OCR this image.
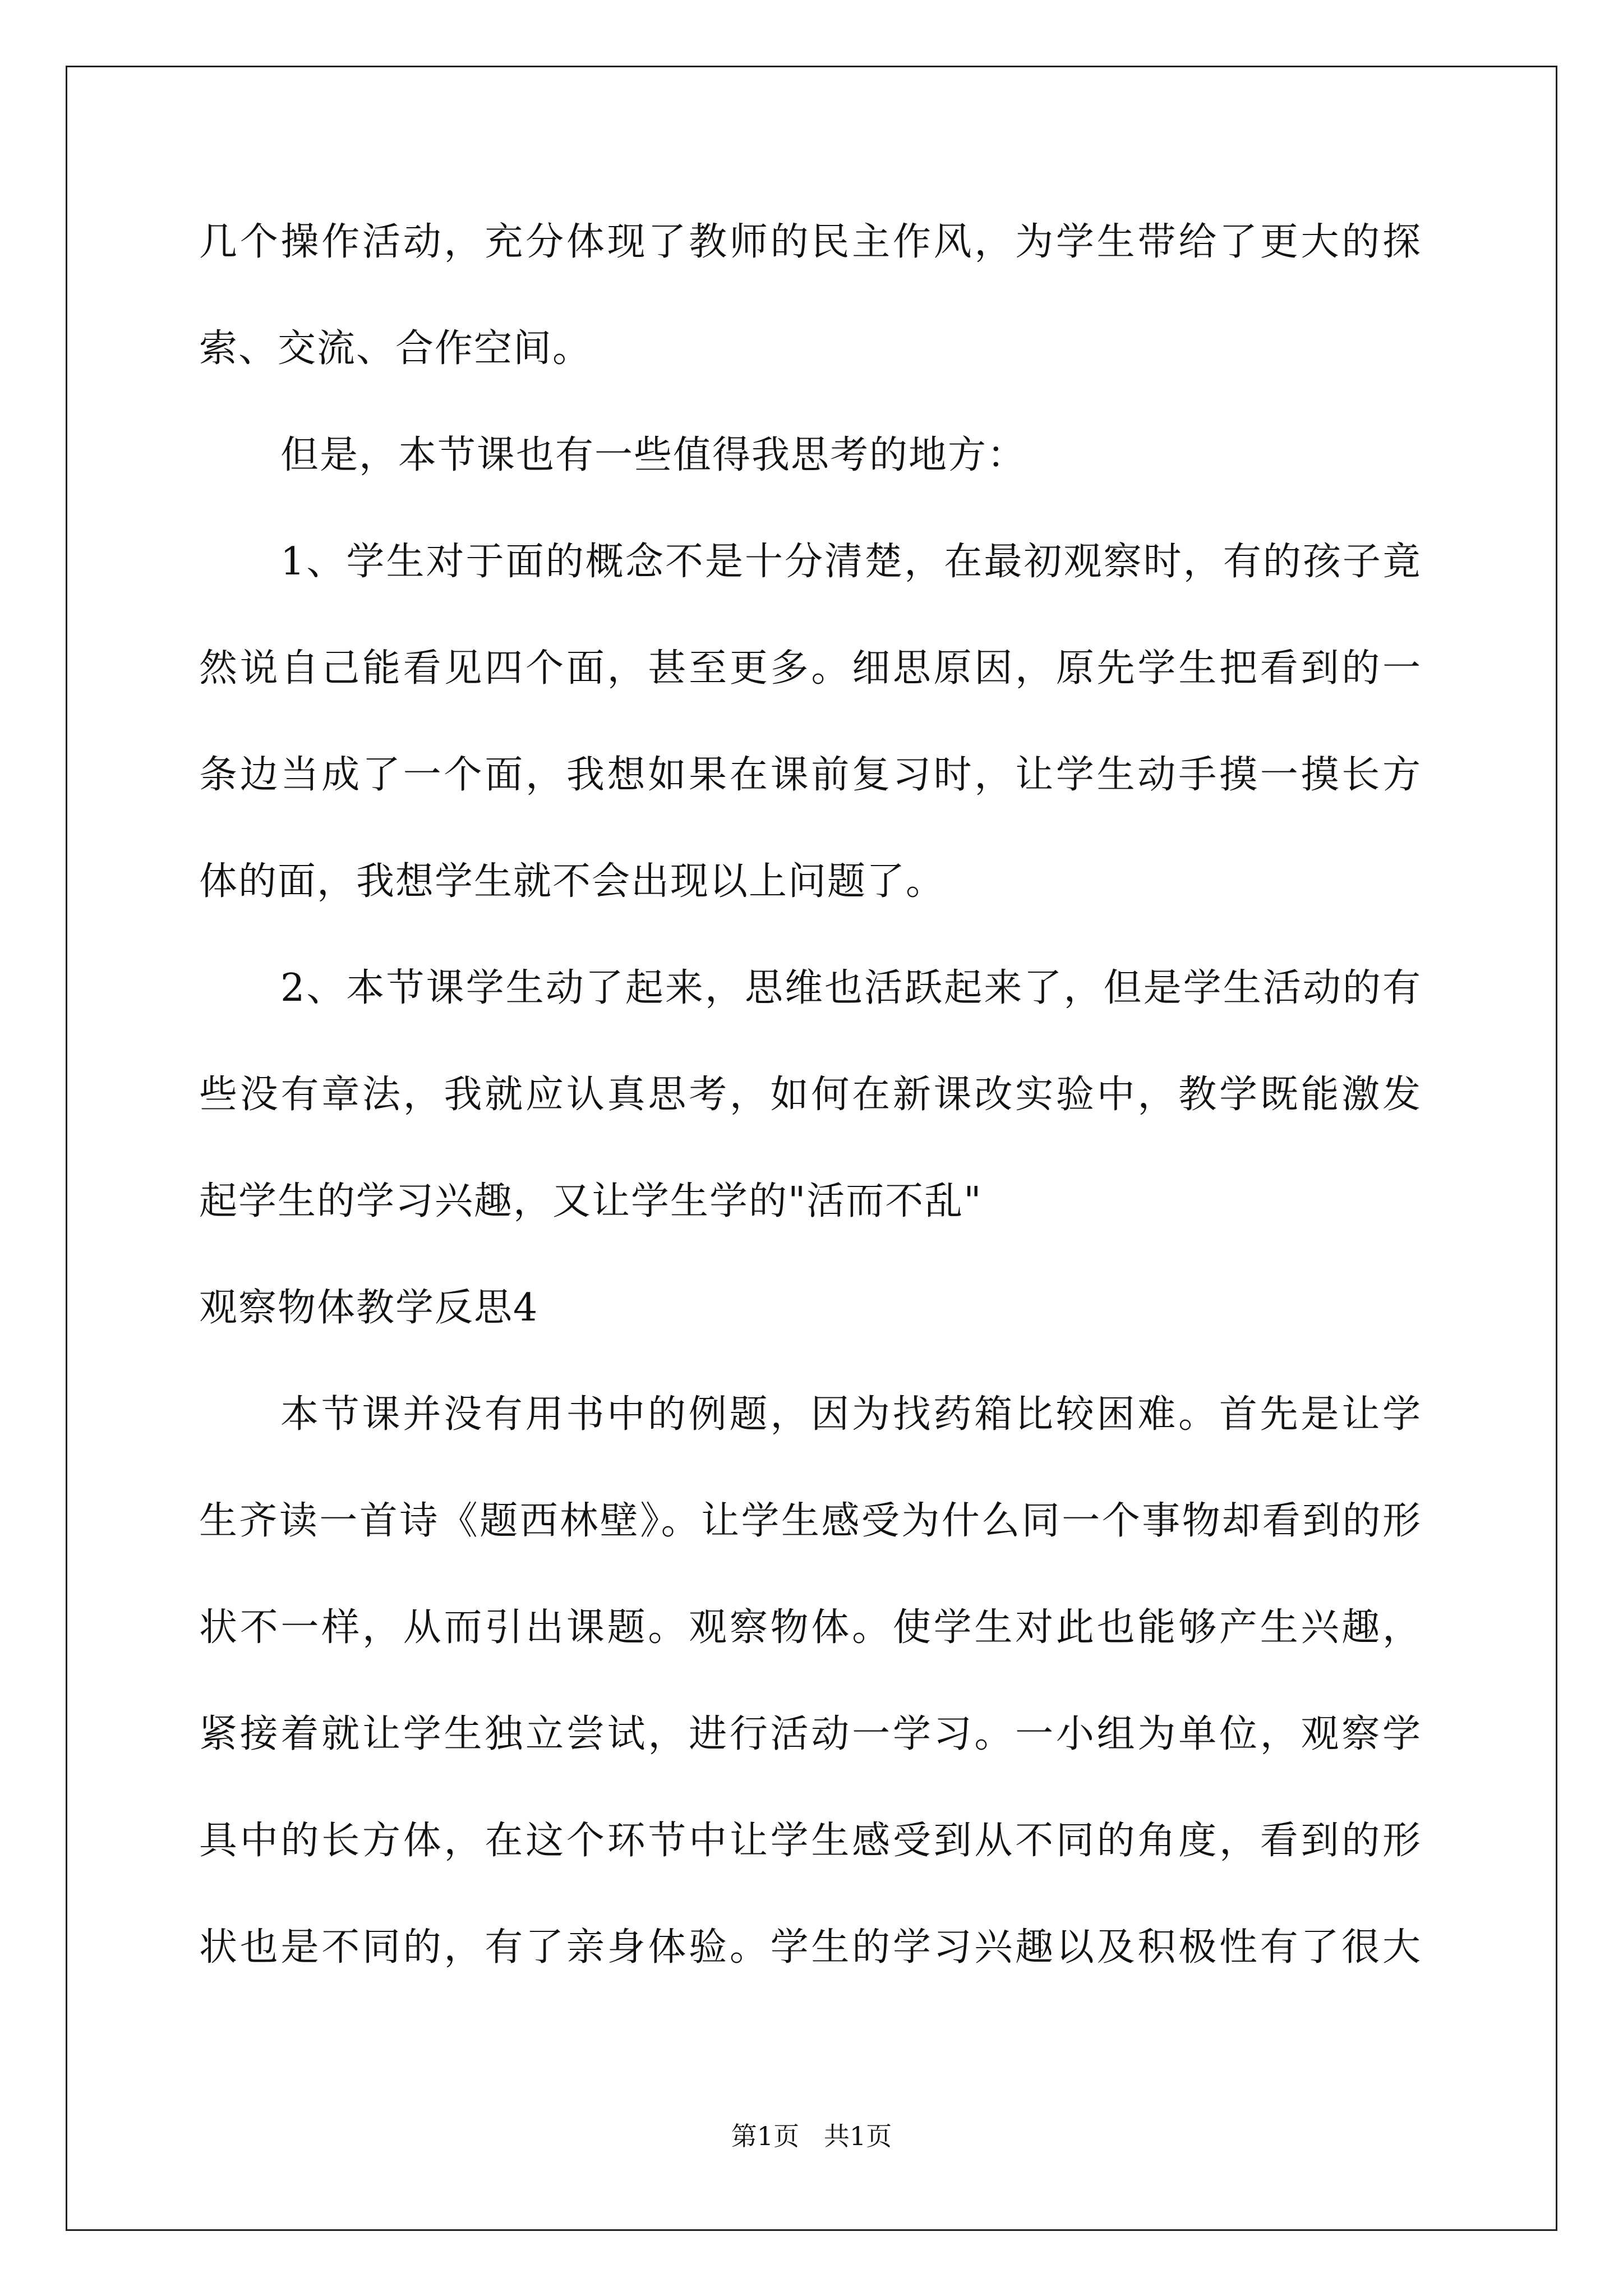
几个操作活动，充分体现了教师的民主作风，为学生带给了更大的探

索、交流、合作空间。

但是，本节课也有一些值得我思考的地方：

1、学生对于面的概念不是十分清楚，在最初观察时，有的孩子竟

然说自己能看见四个面，甚至更多。细思原因，原先学生把看到的一

条边当成了一个面，我想如果在课前复习时，让学生动手摸一摸长方

体的面，我想学生就不会出现以上问题了。

2、本节课学生动了起来，思维也活跃起来了，但是学生活动的有

些没有章法，我就应认真思考，如何在新课改实验中，教学既能激发

起学生的学习兴趣，又让学生学的"活而不乱"

观察物体教学反思4

本节课并没有用书中的例题，因为找药箱比较困难。首先是让学

生齐读一首诗《题西林壁》。让学生感受为什么同一个事物却看到的形

状不一样，从而引出课题。观察物体。使学生对此也能够产生兴趣，

紧接着就让学生独立尝试，进行活动一学习。一小组为单位，观察学

具中的长方体，在这个环节中让学生感受到从不同的角度，看到的形

状也是不同的，有了亲身体验。学生的学习兴趣以及积极性有了很大

第1页   共1页
